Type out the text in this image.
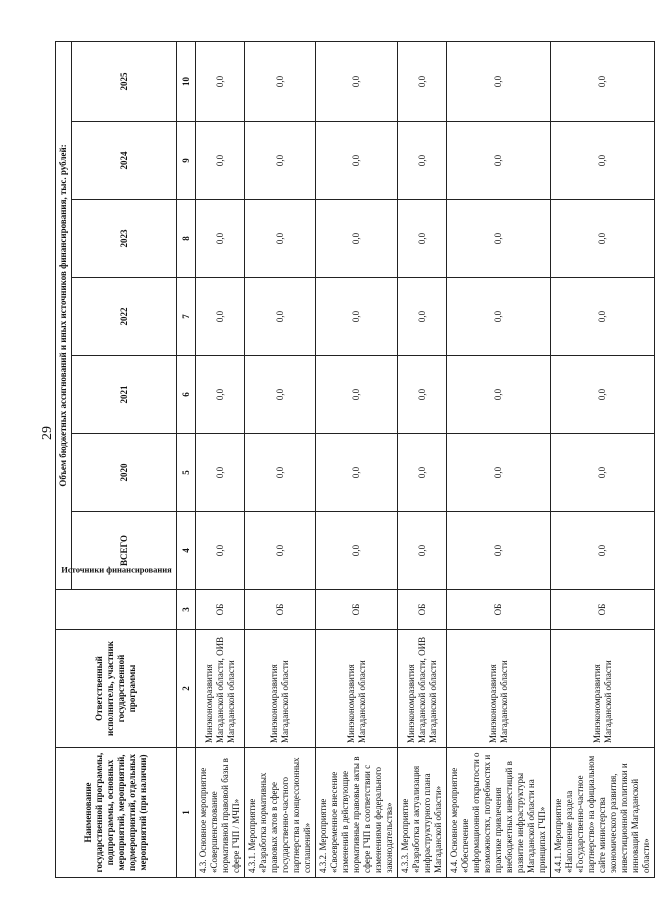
29
Наименование государственной программы, подпрограммы, основных мероприятий, мероприятий, подмероприятий, отдельных мероприятий (при наличии)	Ответственный исполнитель, участник государственной программы	Источники финансирования	Объем бюджетных ассигнований и иных источников финансирования, тыс. рублей:						
			ВСЕГО	2020	2021	2022	2023	2024	2025
1	2	3	4	5	6	7	8	9	10
4.3. Основное мероприятие «Совершенствование нормативной правовой базы в сфере ГЧП / МЧП»	Минэкономразвития Магаданской области, ОИВ Магаданской области	ОБ	0,0	0,0	0,0	0,0	0,0	0,0	0,0
4.3.1. Мероприятие «Разработка нормативных правовых актов в сфере государственно-частного партнерства и концессионных соглашений»	Минэкономразвития Магаданской области	ОБ	0,0	0,0	0,0	0,0	0,0	0,0	0,0
4.3.2. Мероприятие «Своевременное внесение изменений в действующие нормативные правовые акты в сфере ГЧП в соответствии с изменениями федерального законодательства»	Минэкономразвития Магаданской области	ОБ	0,0	0,0	0,0	0,0	0,0	0,0	0,0
4.3.3. Мероприятие «Разработка и актуализация инфраструктурного плана Магаданской области»	Минэкономразвития Магаданской области, ОИВ Магаданской области	ОБ	0,0	0,0	0,0	0,0	0,0	0,0	0,0
4.4. Основное мероприятие «Обеспечение информационной открытости о возможностях, потребностях и практике привлечения внебюджетных инвестиций в развитие инфраструктуры Магаданской области на принципах ГЧП»	Минэкономразвития Магаданской области	ОБ	0,0	0,0	0,0	0,0	0,0	0,0	0,0
4.4.1. Мероприятие «Наполнение раздела «Государственно-частное партнерство» на официальном сайте министерства экономического развития, инвестиционной политики и инноваций Магаданской области»	Минэкономразвития Магаданской области	ОБ	0,0	0,0	0,0	0,0	0,0	0,0	0,0
